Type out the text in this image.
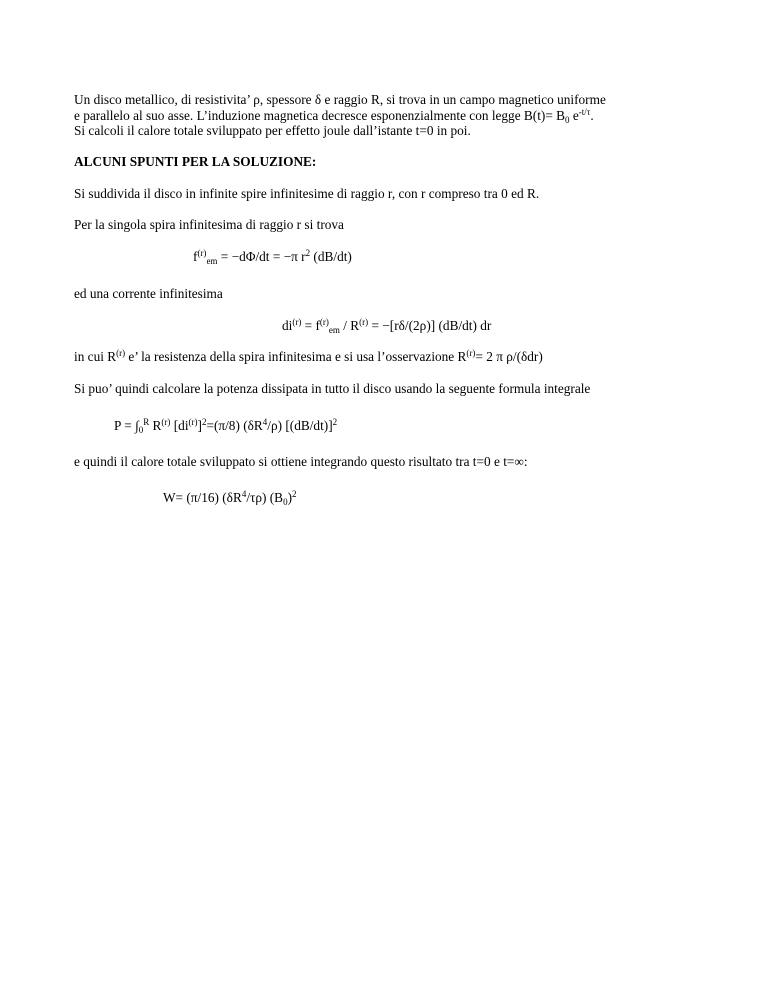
Un disco metallico, di resistivita’ ρ, spessore δ e raggio R, si trova in un campo magnetico uniforme
e parallelo al suo asse. L’induzione magnetica decresce esponenzialmente con legge $B(t)= B_0$ $e^{-t/\tau}$.
Si calcoli il calore totale sviluppato per effetto joule dall’istante t=0 in poi.
ALCUNI SPUNTI PER LA SOLUZIONE:
Si suddivida il disco in infinite spire infinitesime di raggio r, con r compreso tra 0 ed R.
Per la singola spira infinitesima di raggio r si trova
$f^{(r)}_{em} = -d\Phi/dt = -\pi$ $r^2$ (dB/dt)
ed una corrente infinitesima
$di^{(r)} = f^{(r)}_{em} / R^{(r)} = -[r\delta/(2\rho)]$ (dB/dt) dr
in cui $R^{(r)}$ e’ la resistenza della spira infinitesima e si usa l’osservazione $R^{(r)}= 2$ π ρ/(δdr)
Si puo’ quindi calcolare la potenza dissipata in tutto il disco usando la seguente formula integrale
$P = \int_0^R$ $R^{(r)}$ $[di^{(r)}]^2=(\pi/8)$ $(\delta R^4/\rho)$ $[(dB/dt)]^2$
e quindi il calore totale sviluppato si ottiene integrando questo risultato tra t=0 e t=∞:
W= (π/16) $(\delta R^4/\tau\rho)$ $(B_0)^2$
